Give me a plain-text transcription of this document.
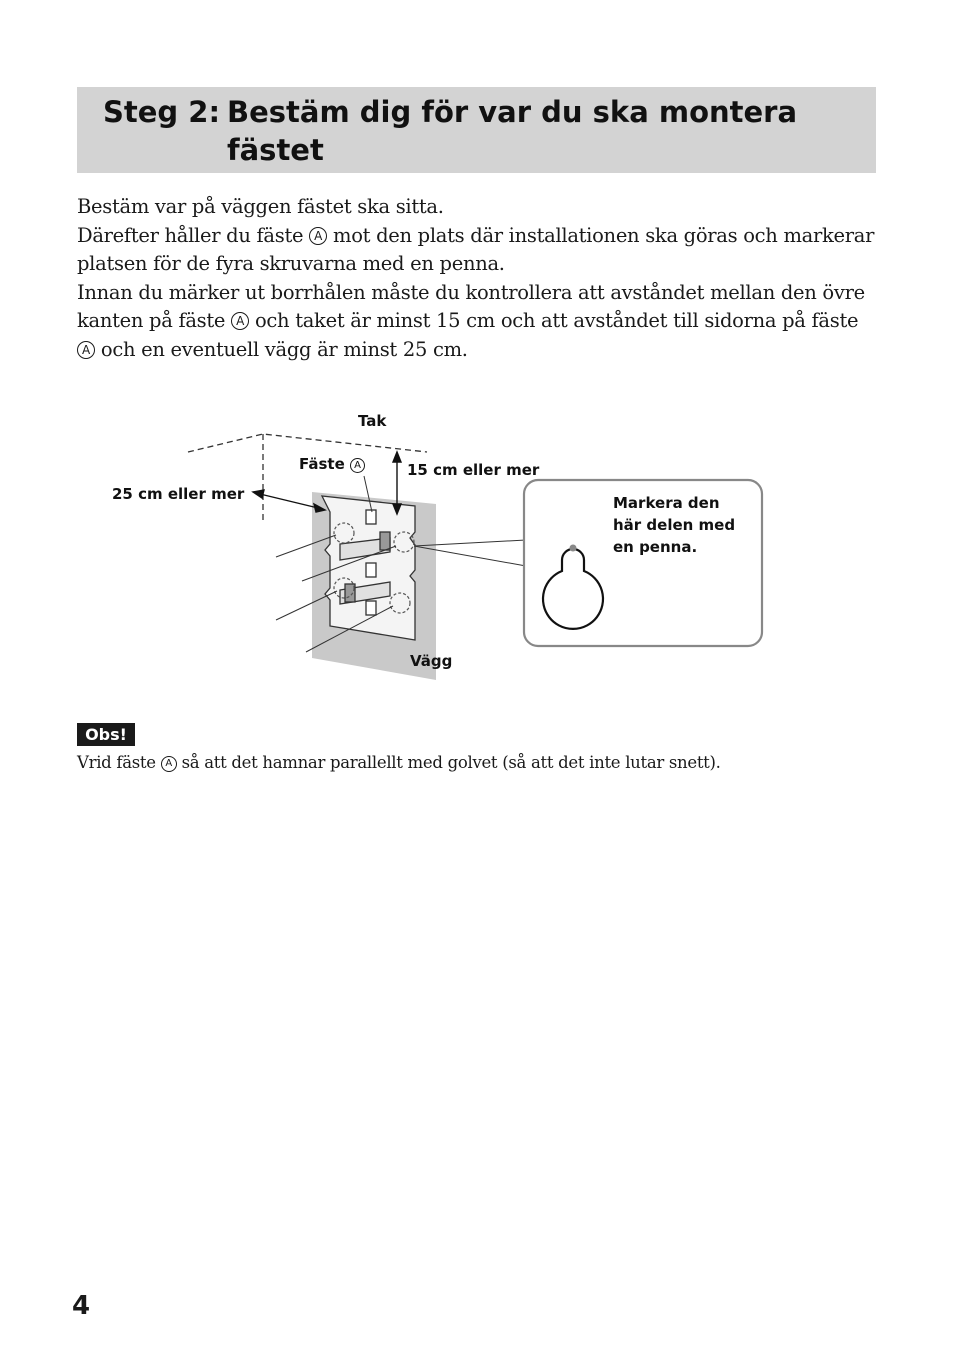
Steg 2: Bestäm dig för var du ska montera
fästet

Bestäm var på väggen fästet ska sitta.

Därefter håller du fäste A mot den plats där installationen ska göras och markerar platsen för de fyra skruvarna med en penna.

Innan du märker ut borrhålen måste du kontrollera att avståndet mellan den övre kanten på fäste A och taket är minst 15 cm och att avståndet till sidorna på fäste A och en eventuell vägg är minst 25 cm.

Tak
Fäste A	15 cm eller mer
25 cm eller mer
Vägg
Markera den
här delen med
en penna.
Obs!
Vrid fäste A så att det hamnar parallellt med golvet (så att det inte lutar snett).
4
